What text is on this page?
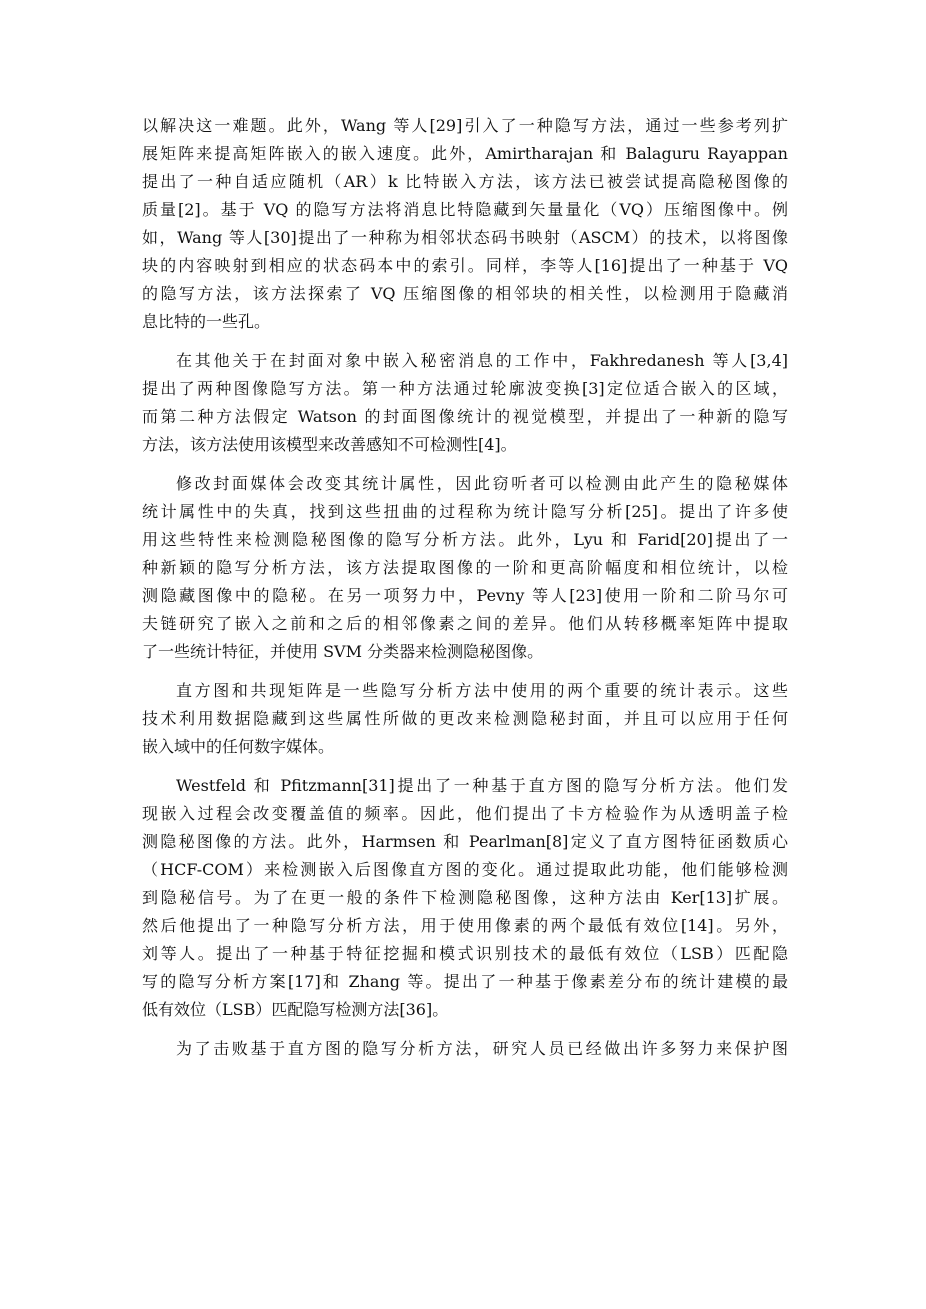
以解决这一难题。此外，Wang 等人[29]引入了一种隐写方法，通过一些参考列扩
展矩阵来提高矩阵嵌入的嵌入速度。此外，Amirtharajan 和 Balaguru Rayappan
提出了一种自适应随机（AR）k 比特嵌入方法，该方法已被尝试提高隐秘图像的
质量[2]。基于 VQ 的隐写方法将消息比特隐藏到矢量量化（VQ）压缩图像中。例
如，Wang 等人[30]提出了一种称为相邻状态码书映射（ASCM）的技术，以将图像
块的内容映射到相应的状态码本中的索引。同样，李等人[16]提出了一种基于 VQ
的隐写方法，该方法探索了 VQ 压缩图像的相邻块的相关性，以检测用于隐藏消
息比特的一些孔。
在其他关于在封面对象中嵌入秘密消息的工作中，Fakhredanesh 等人[3,4]
提出了两种图像隐写方法。第一种方法通过轮廓波变换[3]定位适合嵌入的区域，
而第二种方法假定 Watson 的封面图像统计的视觉模型，并提出了一种新的隐写
方法，该方法使用该模型来改善感知不可检测性[4]。
修改封面媒体会改变其统计属性，因此窃听者可以检测由此产生的隐秘媒体
统计属性中的失真，找到这些扭曲的过程称为统计隐写分析[25]。提出了许多使
用这些特性来检测隐秘图像的隐写分析方法。此外，Lyu 和 Farid[20]提出了一
种新颖的隐写分析方法，该方法提取图像的一阶和更高阶幅度和相位统计，以检
测隐藏图像中的隐秘。在另一项努力中，Pevny 等人[23]使用一阶和二阶马尔可
夫链研究了嵌入之前和之后的相邻像素之间的差异。他们从转移概率矩阵中提取
了一些统计特征，并使用 SVM 分类器来检测隐秘图像。
直方图和共现矩阵是一些隐写分析方法中使用的两个重要的统计表示。这些
技术利用数据隐藏到这些属性所做的更改来检测隐秘封面，并且可以应用于任何
嵌入域中的任何数字媒体。
Westfeld 和 Pfitzmann[31]提出了一种基于直方图的隐写分析方法。他们发
现嵌入过程会改变覆盖值的频率。因此，他们提出了卡方检验作为从透明盖子检
测隐秘图像的方法。此外，Harmsen 和 Pearlman[8]定义了直方图特征函数质心
（HCF-COM）来检测嵌入后图像直方图的变化。通过提取此功能，他们能够检测
到隐秘信号。为了在更一般的条件下检测隐秘图像，这种方法由 Ker[13]扩展。
然后他提出了一种隐写分析方法，用于使用像素的两个最低有效位[14]。另外，
刘等人。提出了一种基于特征挖掘和模式识别技术的最低有效位（LSB）匹配隐
写的隐写分析方案[17]和 Zhang 等。提出了一种基于像素差分布的统计建模的最
低有效位（LSB）匹配隐写检测方法[36]。
为了击败基于直方图的隐写分析方法，研究人员已经做出许多努力来保护图
